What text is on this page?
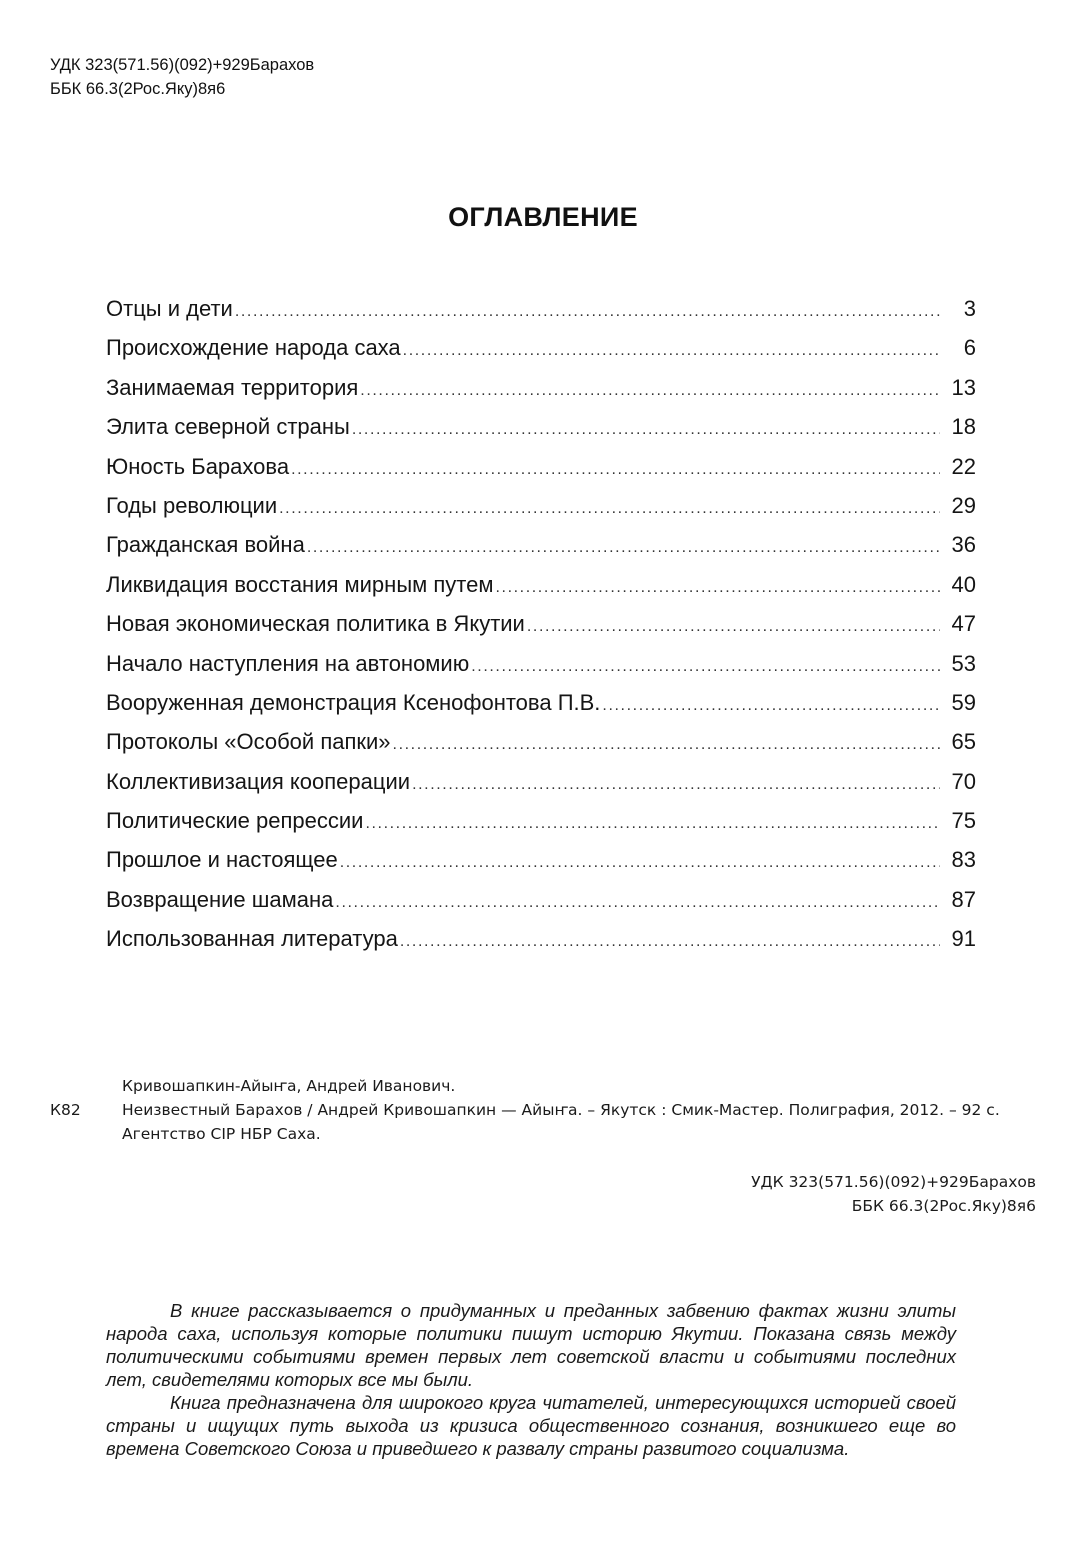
УДК 323(571.56)(092)+929Барахов
ББК 66.3(2Рос.Яку)8я6
ОГЛАВЛЕНИЕ
Отцы и дети .....	3
Происхождение народа саха .....	6
Занимаемая территория .....	13
Элита северной страны .....	18
Юность Барахова .....	22
Годы революции .....	29
Гражданская война .....	36
Ликвидация восстания мирным путем .....	40
Новая экономическая политика в Якутии .....	47
Начало наступления на автономию .....	53
Вооруженная демонстрация Ксенофонтова П.В. .....	59
Протоколы «Особой папки» .....	65
Коллективизация кооперации .....	70
Политические репрессии .....	75
Прошлое и настоящее .....	83
Возвращение шамана .....	87
Использованная литература .....	91
Кривошапкин-Айыҥа, Андрей Иванович.
К82	Неизвестный Барахов / Андрей Кривошапкин — Айыҥа. – Якутск : Смик-Мастер. Полиграфия, 2012. – 92 с.
Агентство CIP НБР Саха.
УДК 323(571.56)(092)+929Барахов
ББК 66.3(2Рос.Яку)8я6

В книге рассказывается о придуманных и преданных забвению фактах жизни элиты народа саха, используя которые политики пишут историю Якутии. Показана связь между политическими событиями времен первых лет советской власти и событиями последних лет, свидетелями которых все мы были.

Книга предназначена для широкого круга читателей, интересующихся историей своей страны и ищущих путь выхода из кризиса общественного сознания, возникшего еще во времена Советского Союза и приведшего к развалу страны развитого социализма.
